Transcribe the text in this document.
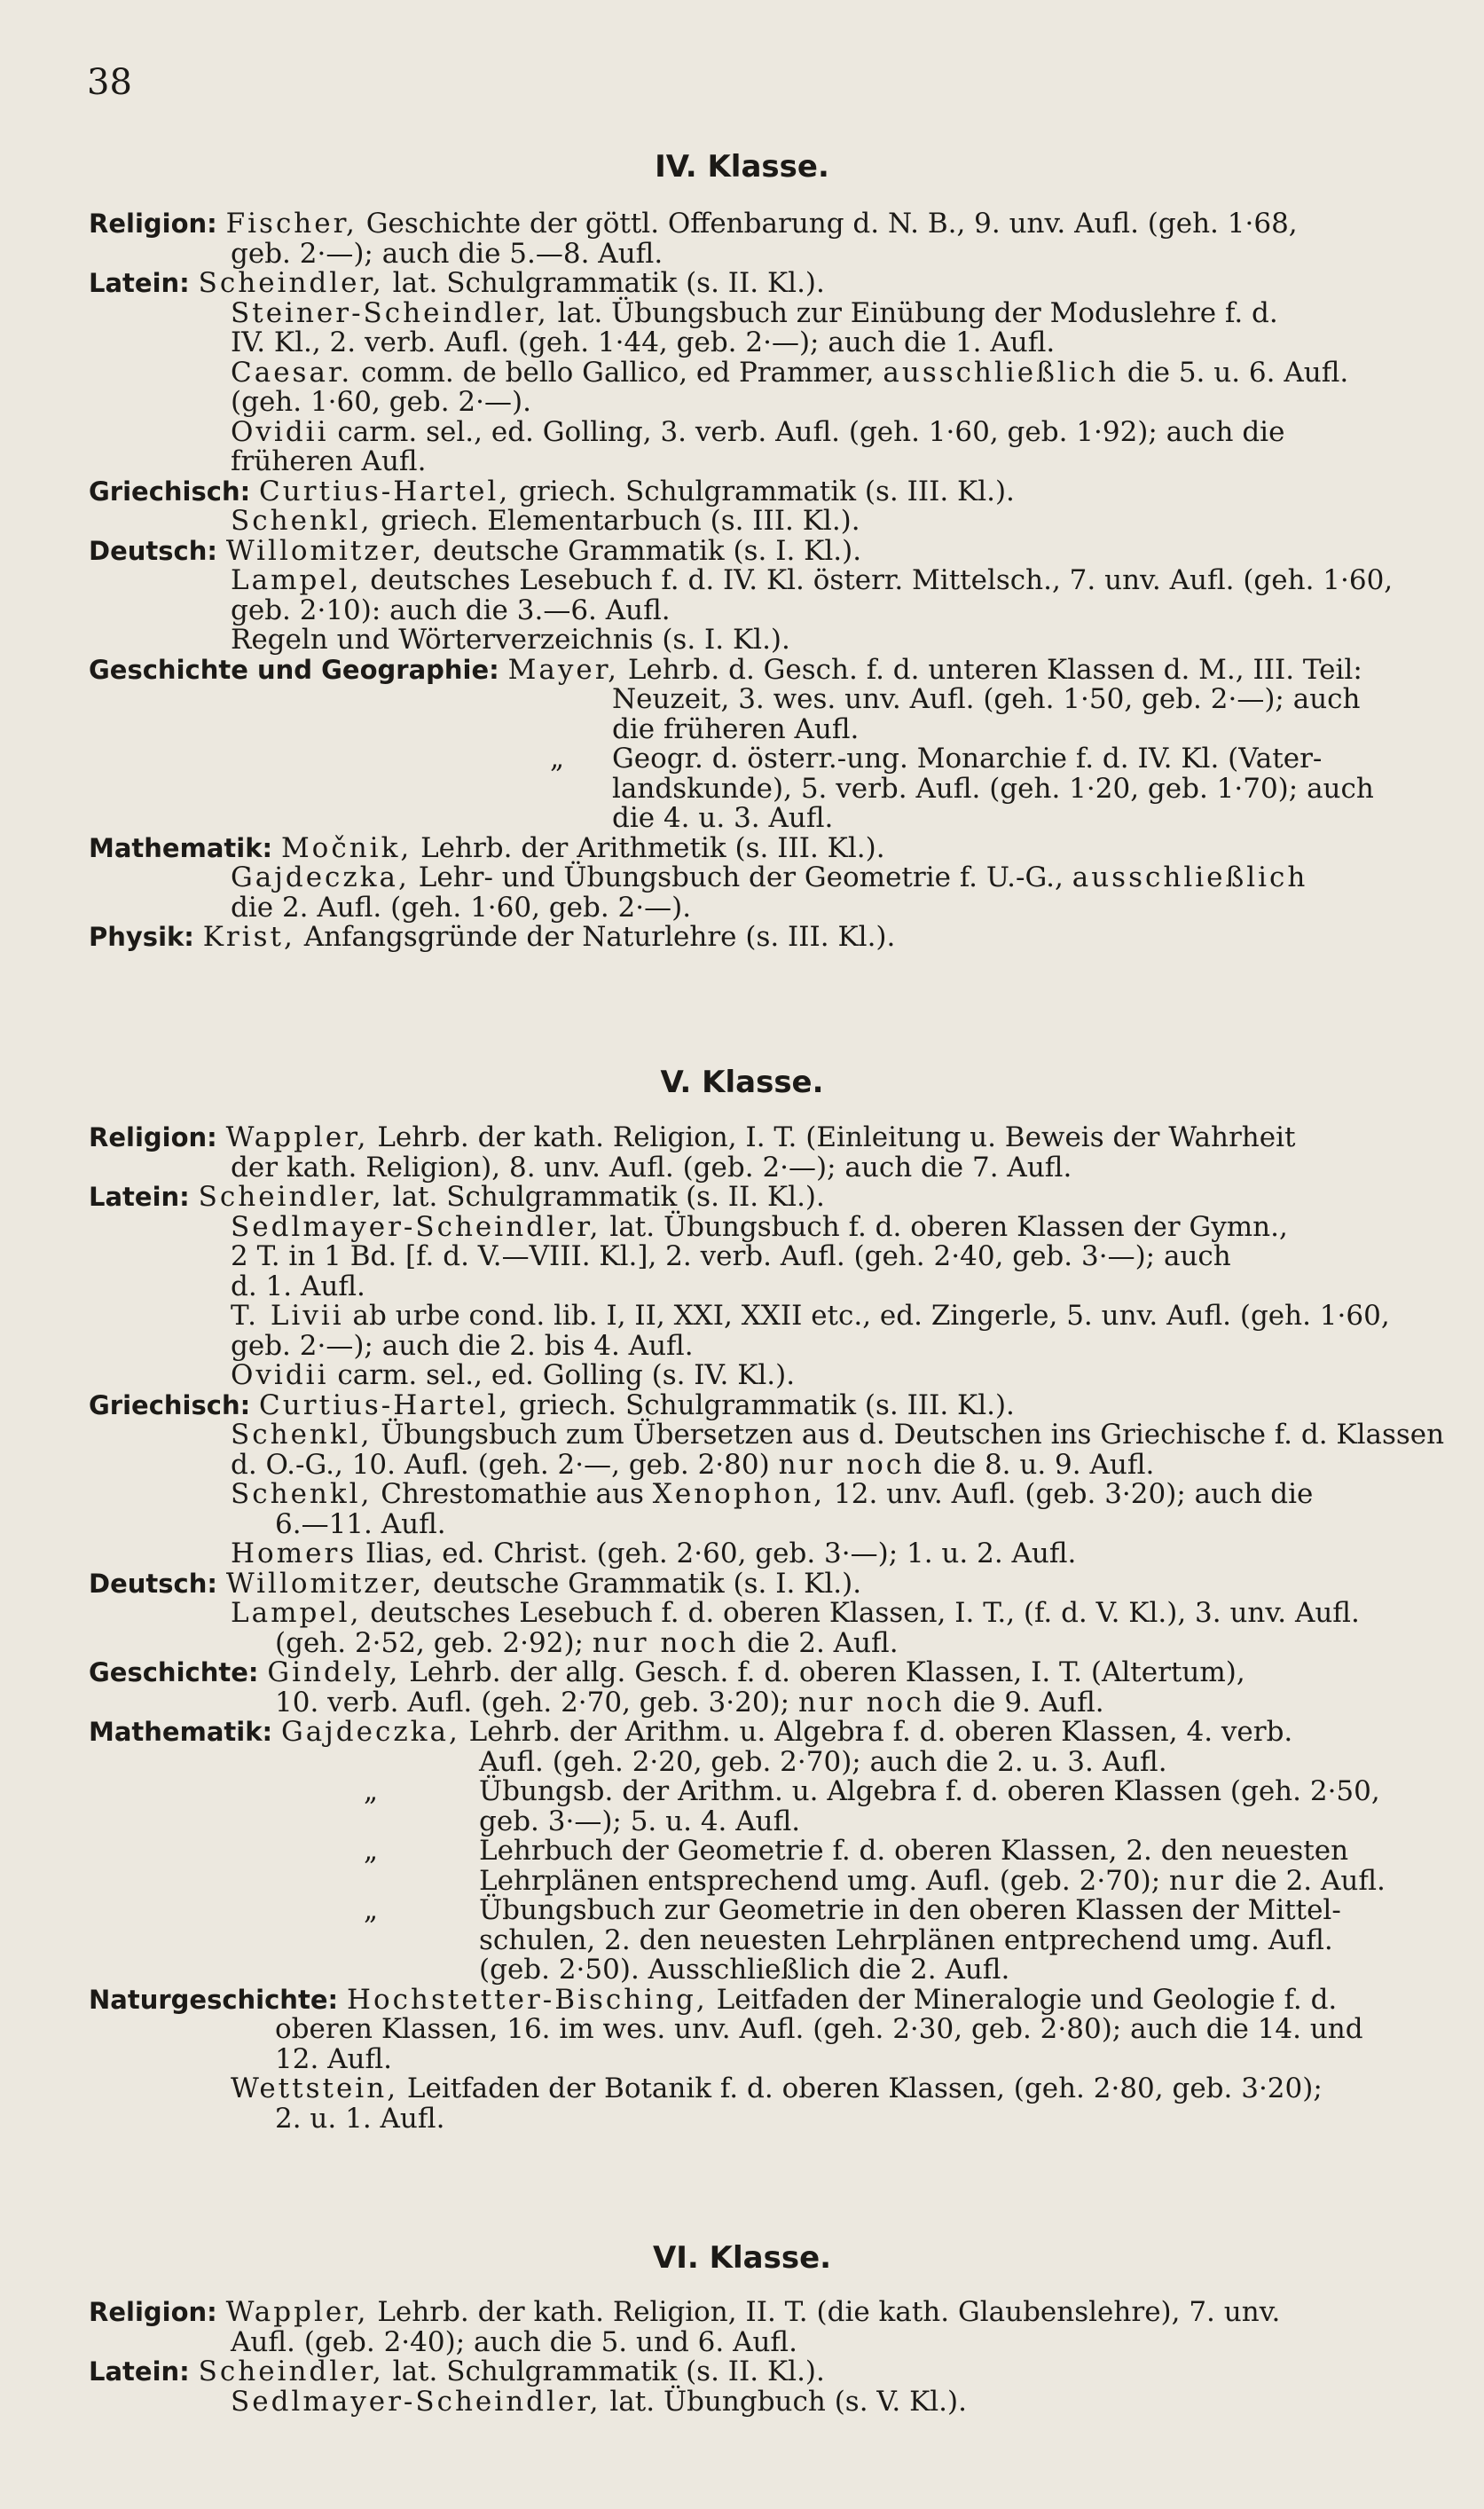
38
IV. Klasse.
Religion: Fischer, Geschichte der göttl. Offenbarung d. N. B., 9. unv. Aufl. (geh. 1·68,
geb. 2·—); auch die 5.—8. Aufl.
Latein: Scheindler, lat. Schulgrammatik (s. II. Kl.).
Steiner-Scheindler, lat. Übungsbuch zur Einübung der Moduslehre f. d.
IV. Kl., 2. verb. Aufl. (geh. 1·44, geb. 2·—); auch die 1. Aufl.
Caesar. comm. de bello Gallico, ed Prammer, ausschließlich die 5. u. 6. Aufl.
(geh. 1·60, geb. 2·—).
Ovidii carm. sel., ed. Golling, 3. verb. Aufl. (geh. 1·60, geb. 1·92); auch die
früheren Aufl.
Griechisch: Curtius-Hartel, griech. Schulgrammatik (s. III. Kl.).
Schenkl, griech. Elementarbuch (s. III. Kl.).
Deutsch: Willomitzer, deutsche Grammatik (s. I. Kl.).
Lampel, deutsches Lesebuch f. d. IV. Kl. österr. Mittelsch., 7. unv. Aufl. (geh. 1·60,
geb. 2·10): auch die 3.—6. Aufl.
Regeln und Wörterverzeichnis (s. I. Kl.).
Geschichte und Geographie: Mayer, Lehrb. d. Gesch. f. d. unteren Klassen d. M., III. Teil:
Neuzeit, 3. wes. unv. Aufl. (geh. 1·50, geb. 2·—); auch
die früheren Aufl.
„ Geogr. d. österr.-ung. Monarchie f. d. IV. Kl. (Vater-
landskunde), 5. verb. Aufl. (geh. 1·20, geb. 1·70); auch
die 4. u. 3. Aufl.
Mathematik: Močnik, Lehrb. der Arithmetik (s. III. Kl.).
Gajdeczka, Lehr- und Übungsbuch der Geometrie f. U.-G., ausschließlich
die 2. Aufl. (geh. 1·60, geb. 2·—).
Physik: Krist, Anfangsgründe der Naturlehre (s. III. Kl.).
V. Klasse.
Religion: Wappler, Lehrb. der kath. Religion, I. T. (Einleitung u. Beweis der Wahrheit
der kath. Religion), 8. unv. Aufl. (geb. 2·—); auch die 7. Aufl.
Latein: Scheindler, lat. Schulgrammatik (s. II. Kl.).
Sedlmayer-Scheindler, lat. Übungsbuch f. d. oberen Klassen der Gymn.,
2 T. in 1 Bd. [f. d. V.—VIII. Kl.], 2. verb. Aufl. (geh. 2·40, geb. 3·—); auch
d. 1. Aufl.
T. Livii ab urbe cond. lib. I, II, XXI, XXII etc., ed. Zingerle, 5. unv. Aufl. (geh. 1·60,
geb. 2·—); auch die 2. bis 4. Aufl.
Ovidii carm. sel., ed. Golling (s. IV. Kl.).
Griechisch: Curtius-Hartel, griech. Schulgrammatik (s. III. Kl.).
Schenkl, Übungsbuch zum Übersetzen aus d. Deutschen ins Griechische f. d. Klassen
d. O.-G., 10. Aufl. (geh. 2·—, geb. 2·80) nur noch die 8. u. 9. Aufl.
Schenkl, Chrestomathie aus Xenophon, 12. unv. Aufl. (geb. 3·20); auch die
6.—11. Aufl.
Homers Ilias, ed. Christ. (geh. 2·60, geb. 3·—); 1. u. 2. Aufl.
Deutsch: Willomitzer, deutsche Grammatik (s. I. Kl.).
Lampel, deutsches Lesebuch f. d. oberen Klassen, I. T., (f. d. V. Kl.), 3. unv. Aufl.
(geh. 2·52, geb. 2·92); nur noch die 2. Aufl.
Geschichte: Gindely, Lehrb. der allg. Gesch. f. d. oberen Klassen, I. T. (Altertum),
10. verb. Aufl. (geh. 2·70, geb. 3·20); nur noch die 9. Aufl.
Mathematik: Gajdeczka, Lehrb. der Arithm. u. Algebra f. d. oberen Klassen, 4. verb.
Aufl. (geh. 2·20, geb. 2·70); auch die 2. u. 3. Aufl.
„	Übungsb. der Arithm. u. Algebra f. d. oberen Klassen (geh. 2·50,
geb. 3·—); 5. u. 4. Aufl.
„	Lehrbuch der Geometrie f. d. oberen Klassen, 2. den neuesten
Lehrplänen entsprechend umg. Aufl. (geb. 2·70); nur die 2. Aufl.
„	Übungsbuch zur Geometrie in den oberen Klassen der Mittel-
schulen, 2. den neuesten Lehrplänen entprechend umg. Aufl.
(geb. 2·50). Ausschließlich die 2. Aufl.
Naturgeschichte: Hochstetter-Bisching, Leitfaden der Mineralogie und Geologie f. d.
oberen Klassen, 16. im wes. unv. Aufl. (geh. 2·30, geb. 2·80); auch die 14. und
12. Aufl.
Wettstein, Leitfaden der Botanik f. d. oberen Klassen, (geh. 2·80, geb. 3·20);
2. u. 1. Aufl.
VI. Klasse.
Religion: Wappler, Lehrb. der kath. Religion, II. T. (die kath. Glaubenslehre), 7. unv.
Aufl. (geb. 2·40); auch die 5. und 6. Aufl.
Latein: Scheindler, lat. Schulgrammatik (s. II. Kl.).
Sedlmayer-Scheindler, lat. Übungbuch (s. V. Kl.).
